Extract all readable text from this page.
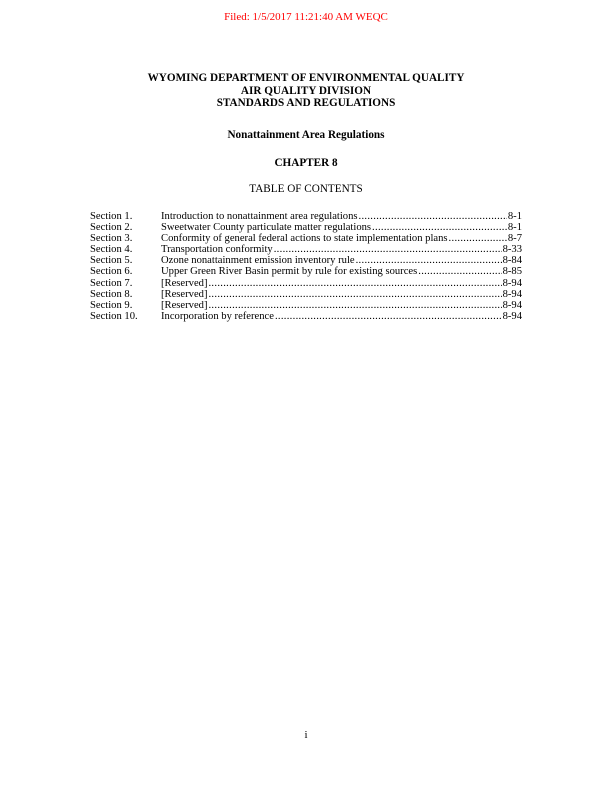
Filed: 1/5/2017 11:21:40 AM WEQC
WYOMING DEPARTMENT OF ENVIRONMENTAL QUALITY
AIR QUALITY DIVISION
STANDARDS AND REGULATIONS
Nonattainment Area Regulations
CHAPTER 8
TABLE OF CONTENTS
Section 1.	Introduction to nonattainment area regulations .....	8-1
Section 2.	Sweetwater County particulate matter regulations .....	8-1
Section 3.	Conformity of general federal actions to state implementation plans .....	8-7
Section 4.	Transportation conformity .....	8-33
Section 5.	Ozone nonattainment emission inventory rule .....	8-84
Section 6.	Upper Green River Basin permit by rule for existing sources .....	8-85
Section 7.	[Reserved] .....	8-94
Section 8.	[Reserved] .....	8-94
Section 9.	[Reserved] .....	8-94
Section 10.	Incorporation by reference .....	8-94
i
